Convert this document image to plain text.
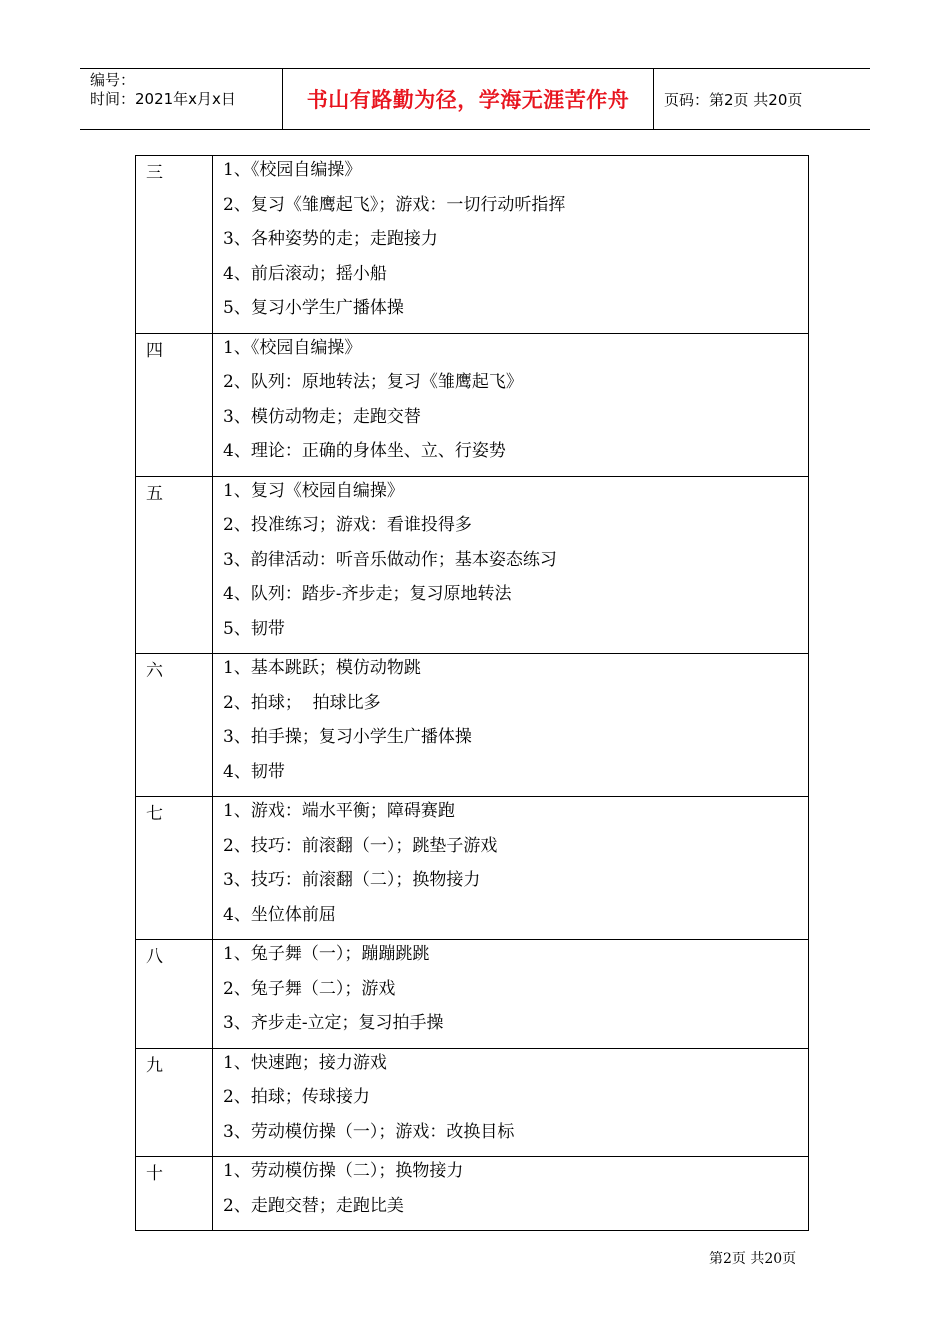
编号：
时间：2021年x月x日	书山有路勤为径，学海无涯苦作舟	页码：第2页 共20页
三	1、《校园自编操》
2、复习《雏鹰起飞》；游戏：一切行动听指挥
3、各种姿势的走；走跑接力
4、前后滚动；摇小船
5、复习小学生广播体操

四	1、《校园自编操》
2、队列：原地转法；复习《雏鹰起飞》
3、模仿动物走；走跑交替
4、理论：正确的身体坐、立、行姿势

五	1、复习《校园自编操》
2、投准练习；游戏：看谁投得多
3、韵律活动：听音乐做动作；基本姿态练习
4、队列：踏步-齐步走；复习原地转法
5、韧带

六	1、基本跳跃；模仿动物跳
2、拍球；  拍球比多
3、拍手操；复习小学生广播体操
4、韧带

七	1、游戏：端水平衡；障碍赛跑
2、技巧：前滚翻（一）；跳垫子游戏
3、技巧：前滚翻（二）；换物接力
4、坐位体前屈

八	1、兔子舞（一）；蹦蹦跳跳
2、兔子舞（二）；游戏
3、齐步走-立定；复习拍手操

九	1、快速跑；接力游戏
2、拍球；传球接力
3、劳动模仿操（一）；游戏：改换目标

十	1、劳动模仿操（二）；换物接力
2、走跑交替；走跑比美
第2页 共20页
